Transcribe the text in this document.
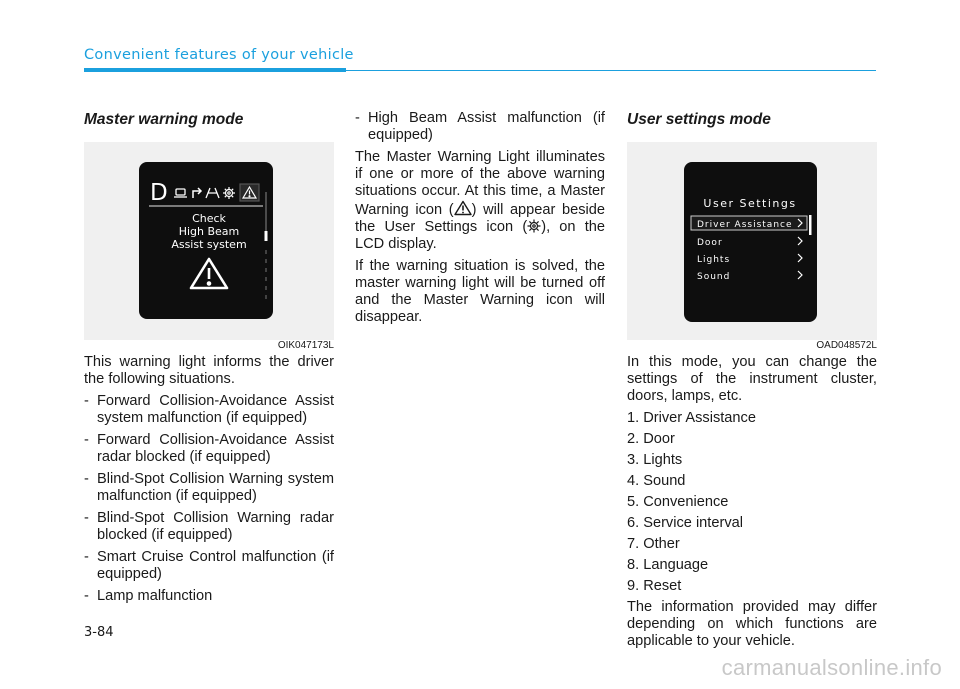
Convenient features of your vehicle
Master warning mode
D
Check
High Beam
Assist system
OIK047173L

This warning light informs the driver the following situations.

- Forward Collision-Avoidance Assist system malfunction (if equipped)
- Forward Collision-Avoidance Assist radar blocked (if equipped)
- Blind-Spot Collision Warning system malfunction (if equipped)
- Blind-Spot Collision Warning radar blocked (if equipped)
- Smart Cruise Control malfunction (if equipped)
- Lamp malfunction
- High Beam Assist malfunction (if equipped)

The Master Warning Light illuminates if one or more of the above warning situations occur. At this time, a Master Warning icon ( ) will appear beside the User Settings icon ( ), on the LCD display.

If the warning situation is solved, the master warning light will be turned off and the Master Warning icon will disappear.

User settings mode
User Settings
Driver Assistance
Door
Lights
Sound
OAD048572L

In this mode, you can change the settings of the instrument cluster, doors, lamps, etc.

1. Driver Assistance
2. Door
3. Lights
4. Sound
5. Convenience
6. Service interval
7. Other
8. Language
9. Reset

The information provided may differ depending on which functions are applicable to your vehicle.

3-84
carmanualsonline.info
